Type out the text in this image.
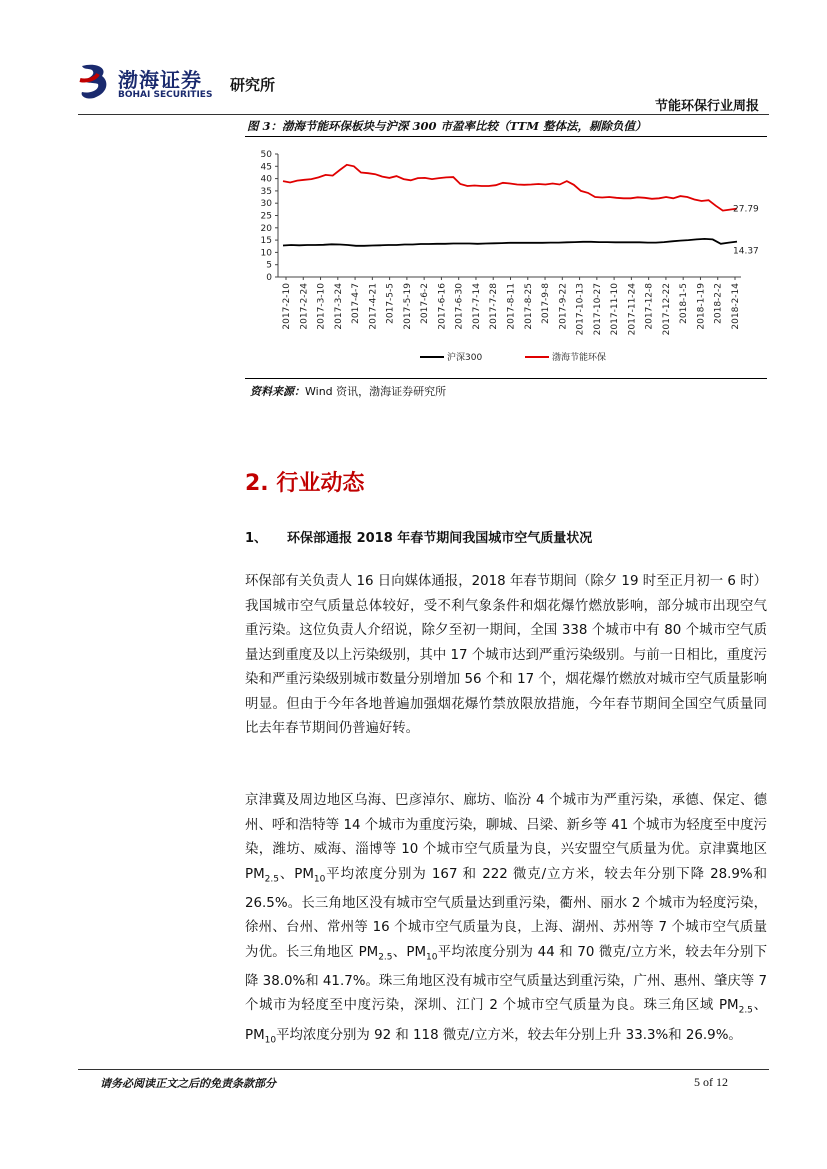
渤海证券
BOHAI SECURITIES
研究所
节能环保行业周报
图 3：渤海节能环保板块与沪深 300 市盈率比较（TTM 整体法，剔除负值）
0
5
10
15
20
25
30
35
40
45
50
2017-2-10 2017-2-24 2017-3-10 2017-3-24 2017-4-7 2017-4-21 2017-5-5 2017-5-19 2017-6-2 2017-6-16 2017-6-30 2017-7-14 2017-7-28 2017-8-11 2017-8-25 2017-9-8 2017-9-22 2017-10-13 2017-10-27 2017-11-10 2017-11-24 2017-12-8 2017-12-22 2018-1-5 2018-1-19 2018-2-2 2018-2-14
14.37
27.79
沪深300	渤海节能环保
资料来源：Wind 资讯，渤海证券研究所
2. 行业动态
1、 环保部通报 2018 年春节期间我国城市空气质量状况
环保部有关负责人 16 日向媒体通报，2018 年春节期间（除夕 19 时至正月初一 6 时）我国城市空气质量总体较好，受不利气象条件和烟花爆竹燃放影响，部分城市出现空气重污染。这位负责人介绍说，除夕至初一期间，全国 338 个城市中有 80 个城市空气质量达到重度及以上污染级别，其中 17 个城市达到严重污染级别。与前一日相比，重度污染和严重污染级别城市数量分别增加 56 个和 17 个，烟花爆竹燃放对城市空气质量影响明显。但由于今年各地普遍加强烟花爆竹禁放限放措施，今年春节期间全国空气质量同比去年春节期间仍普遍好转。
京津冀及周边地区乌海、巴彦淖尔、廊坊、临汾 4 个城市为严重污染，承德、保定、德州、呼和浩特等 14 个城市为重度污染，聊城、吕梁、新乡等 41 个城市为轻度至中度污染，潍坊、威海、淄博等 10 个城市空气质量为良，兴安盟空气质量为优。京津冀地区 $PM_{2.5}$、$PM_{10}$平均浓度分别为 167 和 222 微克/立方米，较去年分别下降 28.9%和 26.5%。长三角地区没有城市空气质量达到重污染，衢州、丽水 2 个城市为轻度污染，徐州、台州、常州等 16 个城市空气质量为良，上海、湖州、苏州等 7 个城市空气质量为优。长三角地区 $PM_{2.5}$、$PM_{10}$平均浓度分别为 44 和 70 微克/立方米，较去年分别下降 38.0%和 41.7%。珠三角地区没有城市空气质量达到重污染，广州、惠州、肇庆等 7 个城市为轻度至中度污染，深圳、江门 2 个城市空气质量为良。珠三角区域 $PM_{2.5}$、$PM_{10}$平均浓度分别为 92 和 118 微克/立方米，较去年分别上升 33.3%和 26.9%。
请务必阅读正文之后的免责条款部分	5 of 12
